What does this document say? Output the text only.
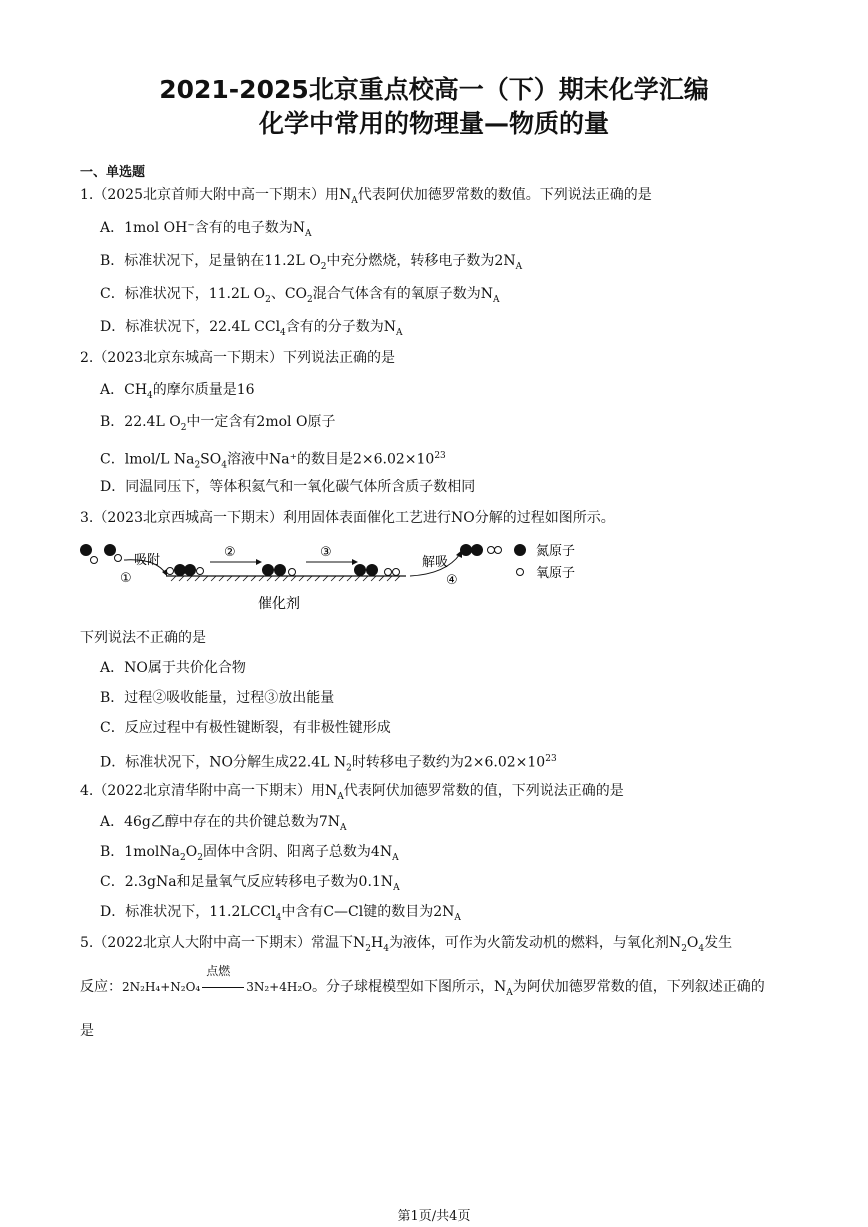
2021-2025北京重点校高一（下）期末化学汇编
化学中常用的物理量—物质的量
一、单选题
1.（2025北京首师大附中高一下期末）用$N_A$代表阿伏加德罗常数的数值。下列说法正确的是
A．1mol OH⁻含有的电子数为$N_A$
B．标准状况下，足量钠在11.2L $O_2$中充分燃烧，转移电子数为$2N_A$
C．标准状况下，11.2L $O_2$、$CO_2$混合气体含有的氧原子数为$N_A$
D．标准状况下，22.4L CCl$_4$含有的分子数为$N_A$
2.（2023北京东城高一下期末）下列说法正确的是
A．$CH_4$的摩尔质量是16
B．22.4L $O_2$中一定含有2mol O原子
C．lmol/L $Na_2SO_4$溶液中Na⁺的数目是$2\times 6.02\times 10^{23}$
D．同温同压下，等体积氦气和一氧化碳气体所含质子数相同
3.（2023北京西城高一下期末）利用固体表面催化工艺进行NO分解的过程如图所示。
吸附
①
②	③
解吸
④
氮原子
氧原子
催化剂
下列说法不正确的是
A．NO属于共价化合物
B．过程②吸收能量，过程③放出能量
C．反应过程中有极性键断裂，有非极性键形成
D．标准状况下，NO分解生成22.4L $N_2$时转移电子数约为$2\times 6.02\times 10^{23}$
4.（2022北京清华附中高一下期末）用$N_A$代表阿伏加德罗常数的值，下列说法正确的是
A．46g乙醇中存在的共价键总数为$7N_A$
B．$1molNa_2O_2$固体中含阴、阳离子总数为$4N_A$
C．2.3gNa和足量氧气反应转移电子数为$0.1N_A$
D．标准状况下，11.2LCCl$_4$中含有C—Cl键的数目为$2N_A$
5.（2022北京人大附中高一下期末）常温下$N_2H_4$为液体，可作为火箭发动机的燃料，与氧化剂$N_2O_4$发生
反应：2N₂H₄+N₂O₄
点燃
3N₂+4H₂O。分子球棍模型如下图所示，$N_A$为阿伏加德罗常数的值，下列叙述正确的
是
第1页/共4页
